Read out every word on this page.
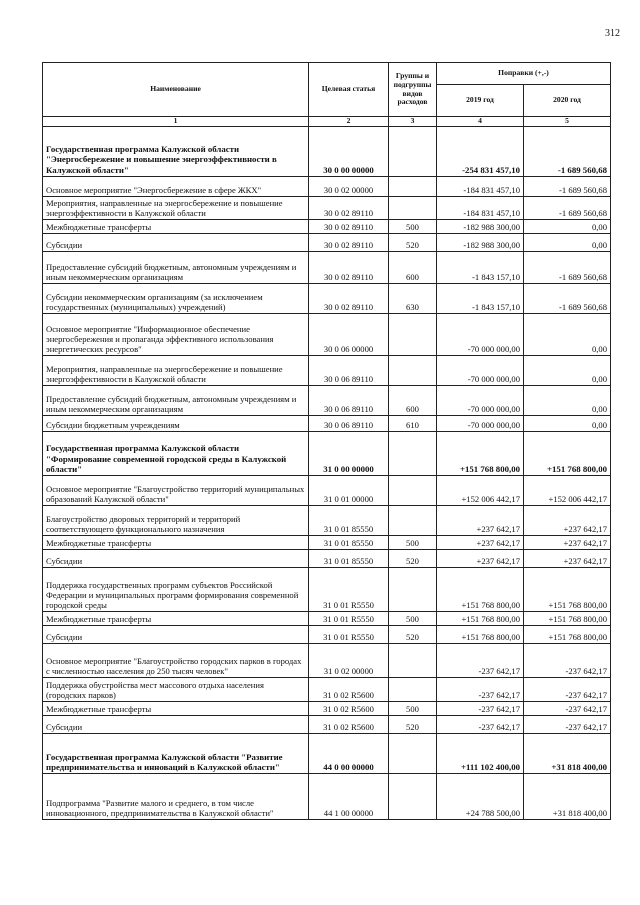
312
Наименование	Целевая статья	Группы и подгруппы видов расходов	Поправки (+,-)	
			2019 год	2020 год
1	2	3	4	5
Государственная программа Калужской области "Энергосбережение и повышение энергоэффективности в Калужской области"	30 0 00 00000		-254 831 457,10	-1 689 560,68
Основное мероприятие "Энергосбережение в сфере ЖКХ"	30 0 02 00000		-184 831 457,10	-1 689 560,68
Мероприятия, направленные на энергосбережение и повышение энергоэффективности в Калужской области	30 0 02 89110		-184 831 457,10	-1 689 560,68
Межбюджетные трансферты	30 0 02 89110	500	-182 988 300,00	0,00
Субсидии	30 0 02 89110	520	-182 988 300,00	0,00
Предоставление субсидий бюджетным, автономным учреждениям и иным некоммерческим организациям	30 0 02 89110	600	-1 843 157,10	-1 689 560,68
Субсидии некоммерческим организациям (за исключением государственных (муниципальных) учреждений)	30 0 02 89110	630	-1 843 157,10	-1 689 560,68
Основное мероприятие "Информационное обеспечение энергосбережения и пропаганда эффективного использования энергетических ресурсов"	30 0 06 00000		-70 000 000,00	0,00
Мероприятия, направленные на энергосбережение и повышение энергоэффективности в Калужской области	30 0 06 89110		-70 000 000,00	0,00
Предоставление субсидий бюджетным, автономным учреждениям и иным некоммерческим организациям	30 0 06 89110	600	-70 000 000,00	0,00
Субсидии бюджетным учреждениям	30 0 06 89110	610	-70 000 000,00	0,00
Государственная программа Калужской области "Формирование современной городской среды в Калужской области"	31 0 00 00000		+151 768 800,00	+151 768 800,00
Основное мероприятие "Благоустройство территорий муниципальных образований Калужской области"	31 0 01 00000		+152 006 442,17	+152 006 442,17
Благоустройство дворовых территорий и территорий соответствующего функционального назначения	31 0 01 85550		+237 642,17	+237 642,17
Межбюджетные трансферты	31 0 01 85550	500	+237 642,17	+237 642,17
Субсидии	31 0 01 85550	520	+237 642,17	+237 642,17
Поддержка государственных программ субъектов Российской Федерации и муниципальных программ формирования современной городской среды	31 0 01 R5550		+151 768 800,00	+151 768 800,00
Межбюджетные трансферты	31 0 01 R5550	500	+151 768 800,00	+151 768 800,00
Субсидии	31 0 01 R5550	520	+151 768 800,00	+151 768 800,00
Основное мероприятие "Благоустройство городских парков в городах с численностью населения до 250 тысяч человек"	31 0 02 00000		-237 642,17	-237 642,17
Поддержка обустройства мест массового отдыха населения (городских парков)	31 0 02 R5600		-237 642,17	-237 642,17
Межбюджетные трансферты	31 0 02 R5600	500	-237 642,17	-237 642,17
Субсидии	31 0 02 R5600	520	-237 642,17	-237 642,17
Государственная программа Калужской области "Развитие предпринимательства и инноваций в Калужской области"	44 0 00 00000		+111 102 400,00	+31 818 400,00
Подпрограмма "Развитие малого и среднего, в том числе инновационного, предпринимательства в Калужской области"	44 1 00 00000		+24 788 500,00	+31 818 400,00
